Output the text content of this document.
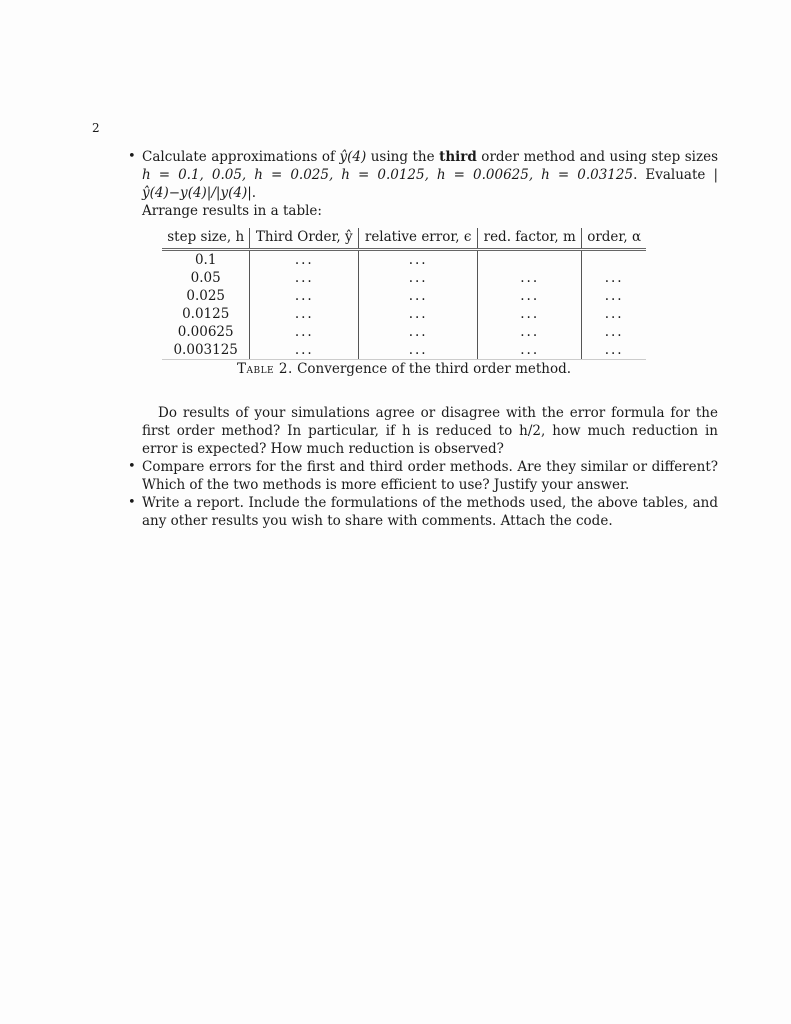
2
• Calculate approximations of ŷ(4) using the third order method and using step sizes h = 0.1, 0.05, h = 0.025, h = 0.0125, h = 0.00625, h = 0.03125. Evaluate |ŷ(4)−y(4)|/|y(4)|.
Arrange results in a table:
step size, h	Third Order, ŷ	relative error, ϵ	red. factor, m	order, α
0.1	...	...		
0.05	...	...	...	...
0.025	...	...	...	...
0.0125	...	...	...	...
0.00625	...	...	...	...
0.003125	...	...	...	...
Table 2. Convergence of the third order method.
Do results of your simulations agree or disagree with the error formula for the first order method? In particular, if h is reduced to h/2, how much reduction in error is expected? How much reduction is observed?
• Compare errors for the first and third order methods. Are they similar or different? Which of the two methods is more efficient to use? Justify your answer.
• Write a report. Include the formulations of the methods used, the above tables, and any other results you wish to share with comments. Attach the code.
